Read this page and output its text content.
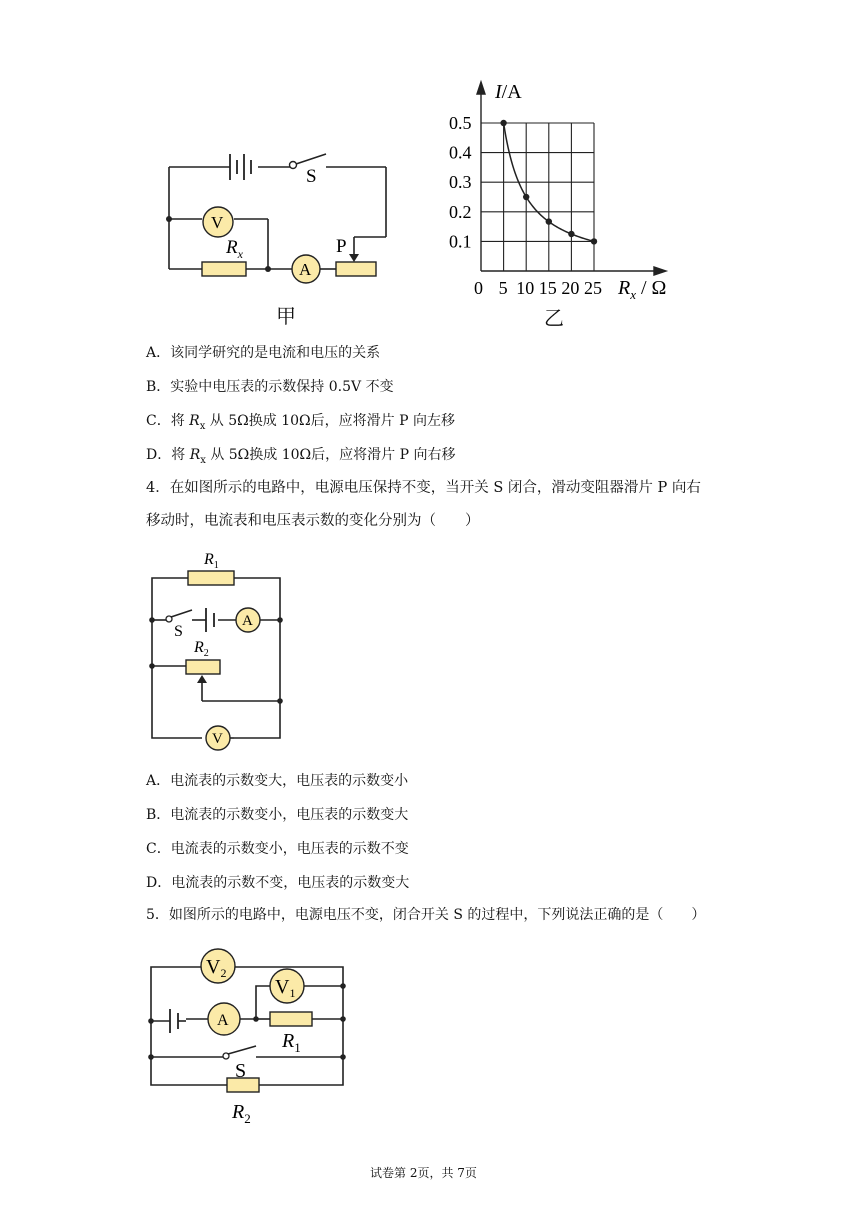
S
V
A
P
$R_x$
甲
0.1
0.2
0.3
0.4
0.5
0 5 10 15 20 25
I/A
$R_x$ / Ω
乙
A．该同学研究的是电流和电压的关系
B．实验中电压表的示数保持 0.5V 不变
C．将 $R_x$ 从 5Ω换成 10Ω后，应将滑片 P 向左移
D．将 $R_x$ 从 5Ω换成 10Ω后，应将滑片 P 向右移
4．在如图所示的电路中，电源电压保持不变，当开关 S 闭合，滑动变阻器滑片 P 向右
移动时，电流表和电压表示数的变化分别为（　　）
A
V
S
$R_1$
$R_2$
A．电流表的示数变大，电压表的示数变小
B．电流表的示数变小，电压表的示数变大
C．电流表的示数变小，电压表的示数不变
D．电流表的示数不变，电压表的示数变大
5．如图所示的电路中，电源电压不变，闭合开关 S 的过程中，下列说法正确的是（　　）
$V_2$
$V_1$
A
$R_1$
S
$R_2$
试卷第 2页，共 7页
